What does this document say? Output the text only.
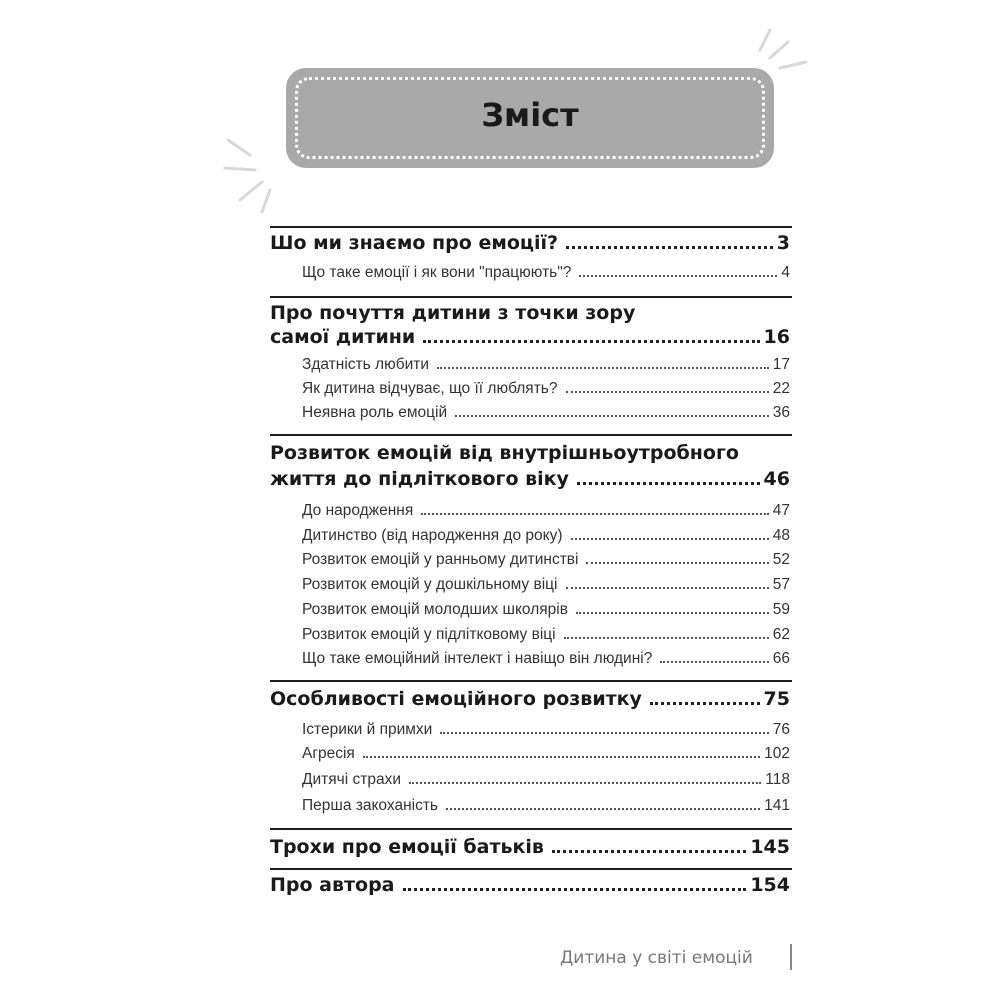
Зміст
Шо ми знаємо про емоції?	3
Що таке емоції і як вони "працюють"?	4
Про почуття дитини з точки зору
самої дитини	16
Здатність любити	17
Як дитина відчуває, що її люблять?	22
Неявна роль емоцій	36
Розвиток емоцій від внутрішньоутробного
життя до підліткового віку	46
До народження	47
Дитинство (від народження до року)	48
Розвиток емоцій у ранньому дитинстві	52
Розвиток емоцій у дошкільному віці	57
Розвиток емоцій молодших школярів	59
Розвиток емоцій у підлітковому віці	62
Що таке емоційний інтелект і навіщо він людині?	66
Особливості емоційного розвитку	75
Істерики й примхи	76
Агресія	102
Дитячі страхи	118
Перша закоханість	141
Трохи про емоції батьків	145
Про автора	154
Дитина у світі емоцій
